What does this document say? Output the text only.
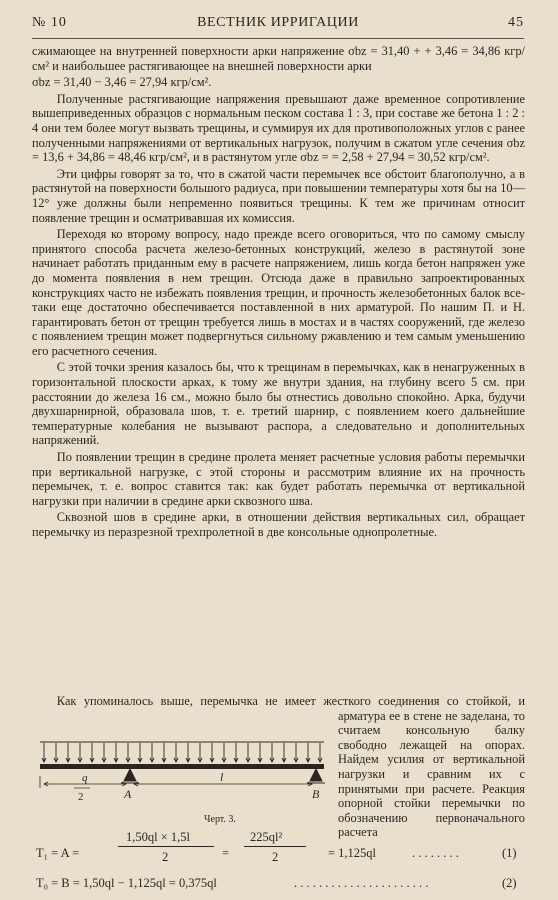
№ 10	ВЕСТНИК ИРРИГАЦИИ	45

сжимающее на внутренней поверхности арки напряжение σbz = 31,40 + + 3,46 = 34,86 кгр/см² и наибольшее растягивающее на внешней поверхности арки

σbz = 31,40 − 3,46 = 27,94 кгр/см².

Полученные растягивающие напряжения превышают даже временное сопротивление вышеприведенных образцов с нормальным песком состава 1 : 3, при составе же бетона 1 : 2 : 4 они тем более могут вызвать трещины, и суммируя их для противоположных углов с ранее полученными напряжениями от вертикальных нагрузок, получим в сжатом угле сечения σbz = 13,6 + 34,86 = 48,46 кгр/см², и в растянутом угле σbz = = 2,58 + 27,94 = 30,52 кгр/см².

Эти цифры говорят за то, что в сжатой части перемычек все обстоит благополучно, а в растянутой на поверхности большого радиуса, при повышении температуры хотя бы на 10—12° уже должны были непременно появиться трещины. К тем же причинам относит появление трещин и осматривавшая их комиссия.

Переходя ко второму вопросу, надо прежде всего оговориться, что по самому смыслу принятого способа расчета железо-бетонных конструкций, железо в растянутой зоне начинает работать приданным ему в расчете напряжением, лишь когда бетон напряжен уже до момента появления в нем трещин. Отсюда даже в правильно запроектированных конструкциях часто не избежать появления трещин, и прочность железобетонных балок все-таки еще достаточно обеспечивается поставленной в них арматурой. По нашим П. и Н. гарантировать бетон от трещин требуется лишь в мостах и в частях сооружений, где железо с появлением трещин может подвергнуться сильному ржавлению и тем самым уменьшению его расчетного сечения.

С этой точки зрения казалось бы, что к трещинам в перемычках, как в ненагруженных в горизонтальной плоскости арках, к тому же внутри здания, на глубину всего 5 см. при расстоянии до железа 16 см., можно было бы отнестись довольно спокойно. Арка, будучи двухшарнирной, образовала шов, т. е. третий шарнир, с появлением коего дальнейшие температурные колебания не вызывают распора, а следовательно и дополнительных напряжений.

По появлении трещин в средине пролета меняет расчетные условия работы перемычки при вертикальной нагрузке, с этой стороны и рассмотрим влияние их на прочность перемычек, т. е. вопрос ставится так: как будет работать перемычка от вертикальной нагрузки при наличии в средине арки сквозного шва.

Сквозной шов в средине арки, в отношении действия вертикальных сил, обращает перемычку из перазрезной трехпролетной в две консольные однопролетные.

Как упоминалось выше, перемычка не имеет жесткого соединения со стойкой, и арматура ее в стене не заделана, то считаем консольную балку свободно лежащей на опорах. Найдем усилия от вертикальной нагрузки и сравним их с принятыми при расчете. Реакция опорной стойки перемычки по обозначению первоначального расчета

q
2	A
l
B
Черт. 3.
T₁ = A =
1,50ql × 1,5l
2	=
225ql²
2	= 1,125ql	. . . . . . . .	(1)
T₀ = B = 1,50ql − 1,125ql = 0,375ql	. . . . . . . . . . . . . . . . . . . . . .	(2)
